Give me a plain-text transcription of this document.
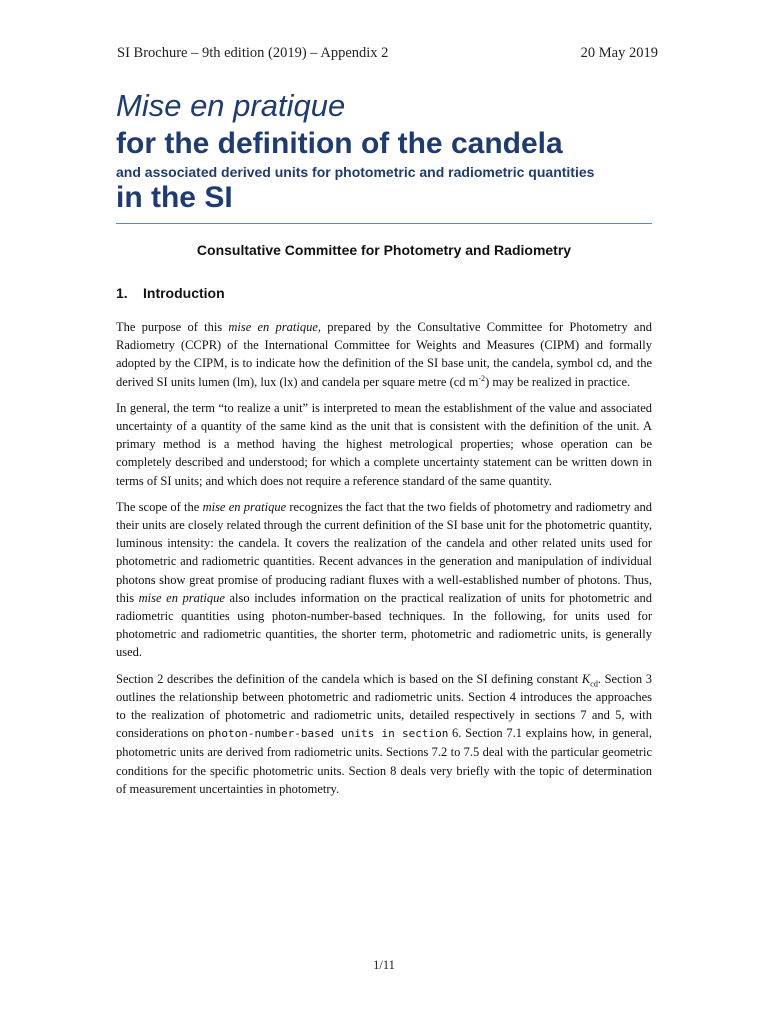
SI Brochure – 9th edition (2019) – Appendix 2	20 May 2019
Mise en pratique
for the definition of the candela
and associated derived units for photometric and radiometric quantities
in the SI
Consultative Committee for Photometry and Radiometry
1. Introduction

The purpose of this mise en pratique, prepared by the Consultative Committee for Photometry and Radiometry (CCPR) of the International Committee for Weights and Measures (CIPM) and formally adopted by the CIPM, is to indicate how the definition of the SI base unit, the candela, symbol cd, and the derived SI units lumen (lm), lux (lx) and candela per square metre (cd $m^{-2}$) may be realized in practice.

In general, the term “to realize a unit” is interpreted to mean the establishment of the value and associated uncertainty of a quantity of the same kind as the unit that is consistent with the definition of the unit. A primary method is a method having the highest metrological properties; whose operation can be completely described and understood; for which a complete uncertainty statement can be written down in terms of SI units; and which does not require a reference standard of the same quantity.

The scope of the mise en pratique recognizes the fact that the two fields of photometry and radiometry and their units are closely related through the current definition of the SI base unit for the photometric quantity, luminous intensity: the candela. It covers the realization of the candela and other related units used for photometric and radiometric quantities. Recent advances in the generation and manipulation of individual photons show great promise of producing radiant fluxes with a well-established number of photons. Thus, this mise en pratique also includes information on the practical realization of units for photometric and radiometric quantities using photon-number-based techniques. In the following, for units used for photometric and radiometric quantities, the shorter term, photometric and radiometric units, is generally used.

Section 2 describes the definition of the candela which is based on the SI defining constant $K_{cd}$. Section 3 outlines the relationship between photometric and radiometric units. Section 4 introduces the approaches to the realization of photometric and radiometric units, detailed respectively in sections 7 and 5, with considerations on photon-number-based units in section 6. Section 7.1 explains how, in general, photometric units are derived from radiometric units. Sections 7.2 to 7.5 deal with the particular geometric conditions for the specific photometric units. Section 8 deals very briefly with the topic of determination of measurement uncertainties in photometry.

1/11
